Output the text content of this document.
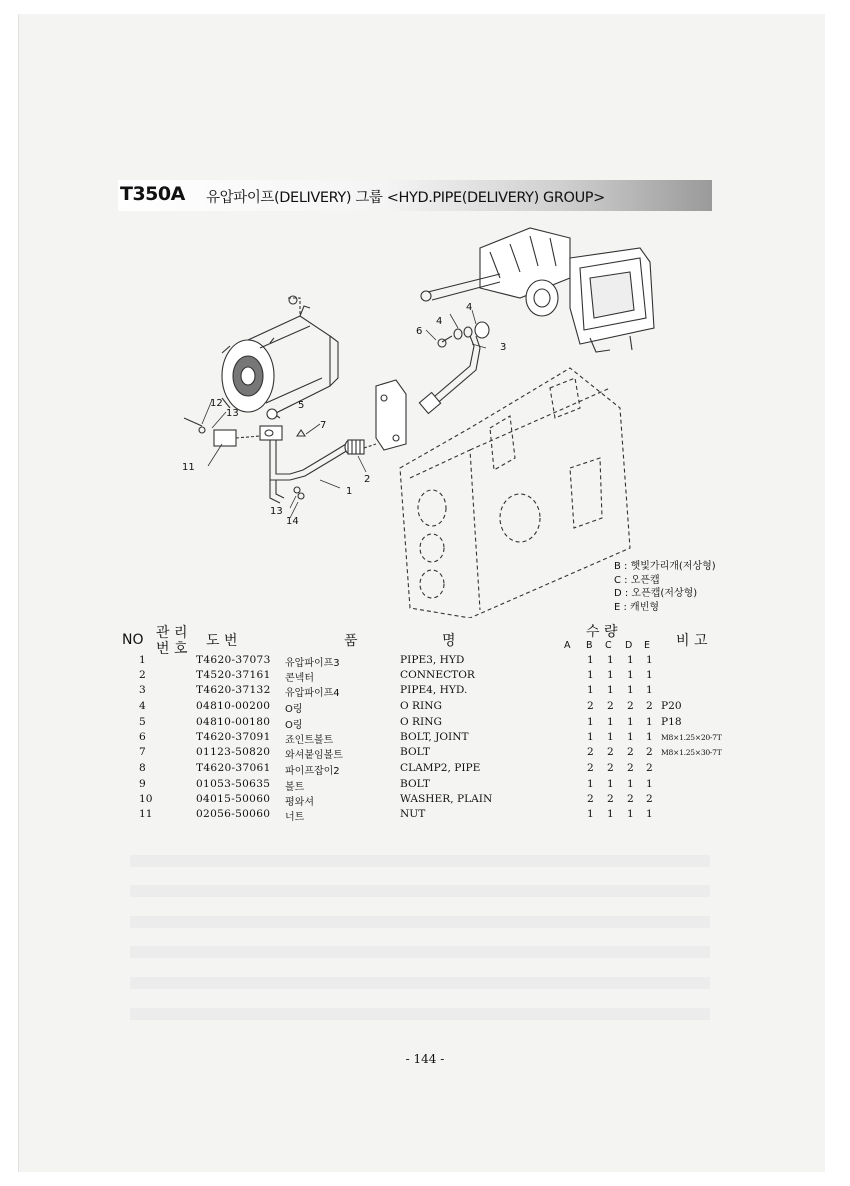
T350A 유압파이프(DELIVERY) 그룹 <HYD.PIPE(DELIVERY) GROUP>
1
2
3
4
4
5
6
7
11
12
13
13
14
B : 햇빛가리개(저상형)
C : 오픈캡
D : 오픈캡(저상형)
E : 캐빈형
NO 관 리
번 호 도 번	품	명
수 량
비 고
A B C D E
1	T4620-37073 유압파이프3	PIPE3, HYD	1 1 1 1
2	T4520-37161 콘넥터	CONNECTOR	1 1 1 1
3	T4620-37132 유압파이프4	PIPE4, HYD.	1 1 1 1
4	04810-00200 O링	O RING	2 2 2 2 P20
5	04810-00180 O링	O RING	1 1 1 1 P18
6	T4620-37091 죠인트볼트	BOLT, JOINT	1 1 1 1 M8×1.25×20-7T
7	01123-50820 와셔붙임볼트	BOLT	2 2 2 2 M8×1.25×30-7T
8	T4620-37061 파이프잡이2	CLAMP2, PIPE	2 2 2 2
9	01053-50635 볼트	BOLT	1 1 1 1
10	04015-50060 평와셔	WASHER, PLAIN	2 2 2 2
11	02056-50060 너트	NUT	1 1 1 1
- 144 -
